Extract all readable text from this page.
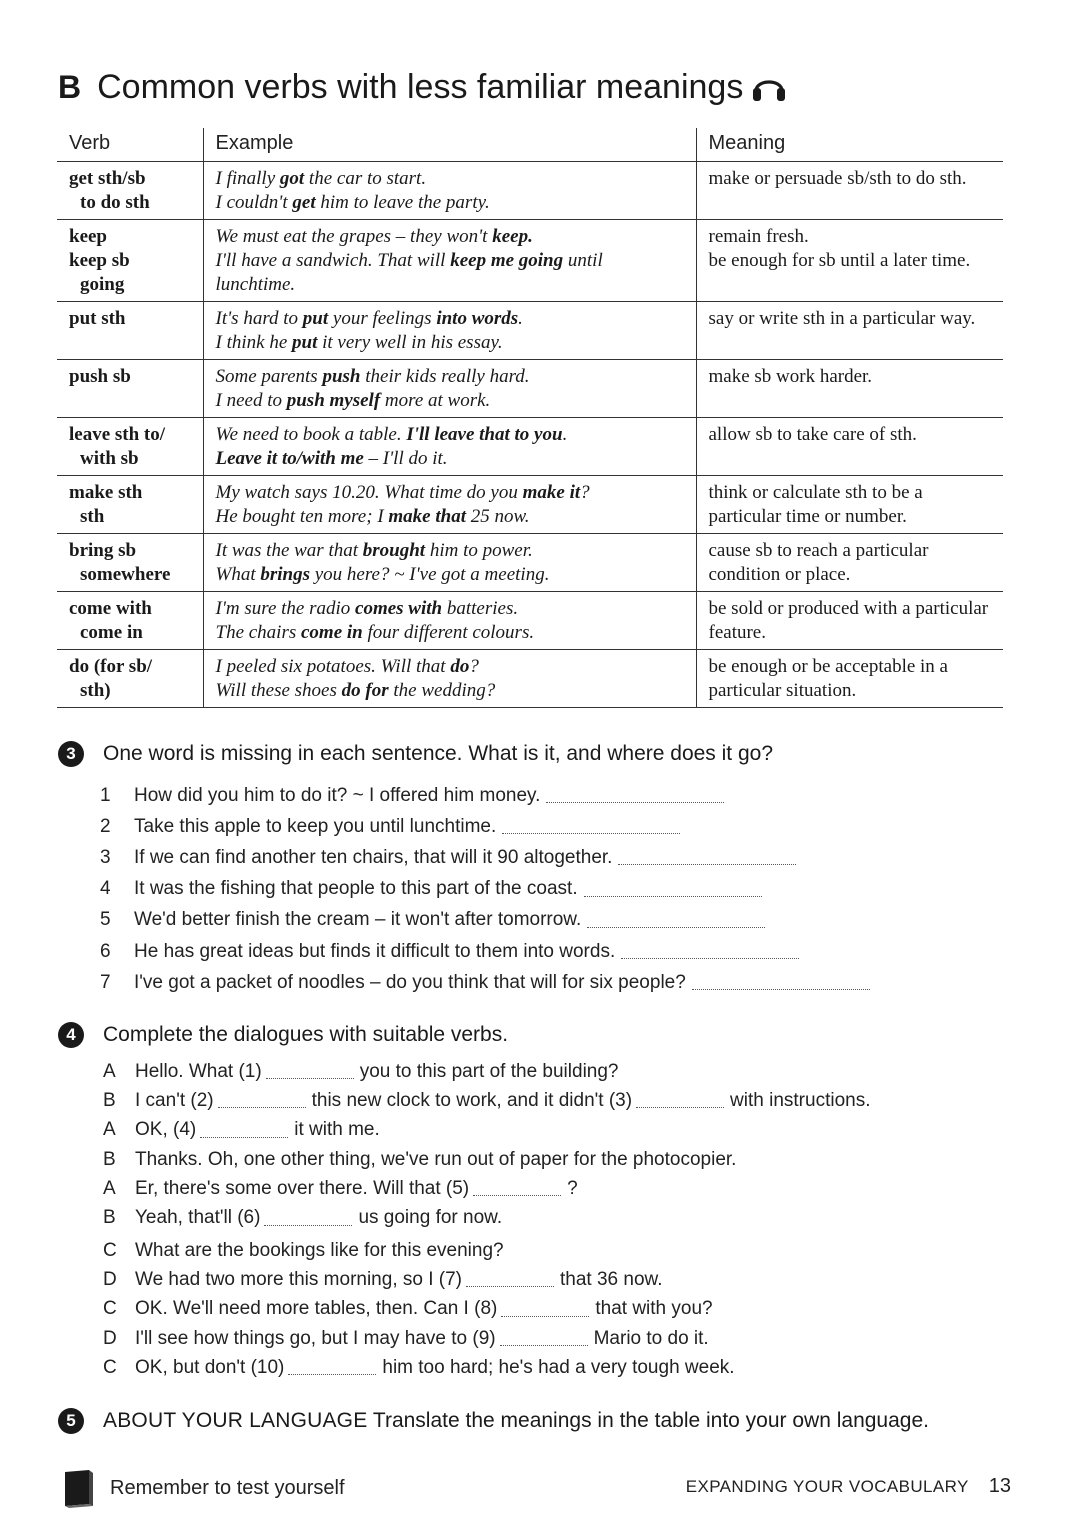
B Common verbs with less familiar meanings
Verb	Example	Meaning

get sth/sb
to do sth	I finally got the car to start.
I couldn't get him to leave the party.	make or persuade sb/sth to do sth.

keep
keep sb
going	We must eat the grapes – they won't keep.
I'll have a sandwich. That will keep me going until
lunchtime.	remain fresh.
be enough for sb until a later time.

put sth	It's hard to put your feelings into words.
I think he put it very well in his essay.	say or write sth in a particular way.

push sb	Some parents push their kids really hard.
I need to push myself more at work.	make sb work harder.

leave sth to/
with sb	We need to book a table. I'll leave that to you.
Leave it to/with me – I'll do it.	allow sb to take care of sth.

make sth
sth	My watch says 10.20. What time do you make it?
He bought ten more; I make that 25 now.	think or calculate sth to be a particular time or number.

bring sb
somewhere	It was the war that brought him to power.
What brings you here? ~ I've got a meeting.	cause sb to reach a particular condition or place.

come with
come in	I'm sure the radio comes with batteries.
The chairs come in four different colours.	be sold or produced with a particular feature.

do (for sb/
sth)	I peeled six potatoes. Will that do?
Will these shoes do for the wedding?	be enough or be acceptable in a particular situation.
3	One word is missing in each sentence. What is it, and where does it go?
1	How did you him to do it? ~ I offered him money.
2	Take this apple to keep you until lunchtime.
3	If we can find another ten chairs, that will it 90 altogether.
4	It was the fishing that people to this part of the coast.
5	We'd better finish the cream – it won't after tomorrow.
6	He has great ideas but finds it difficult to them into words.
7	I've got a packet of noodles – do you think that will for six people?
4	Complete the dialogues with suitable verbs.
A	Hello. What (1)	you to this part of the building?
B	I can't (2)	this new clock to work, and it didn't (3)	with instructions.
A	OK, (4)	it with me.
B	Thanks. Oh, one other thing, we've run out of paper for the photocopier.
A	Er, there's some over there. Will that (5)	?
B	Yeah, that'll (6)	us going for now.
C What are the bookings like for this evening?
D We had two more this morning, so I (7)	that 36 now.
C OK. We'll need more tables, then. Can I (8)	that with you?
D I'll see how things go, but I may have to (9)	Mario to do it.
C OK, but don't (10)	him too hard; he's had a very tough week.
5	ABOUT YOUR LANGUAGE Translate the meanings in the table into your own language.
Remember to test yourself	EXPANDING YOUR VOCABULARY 13
